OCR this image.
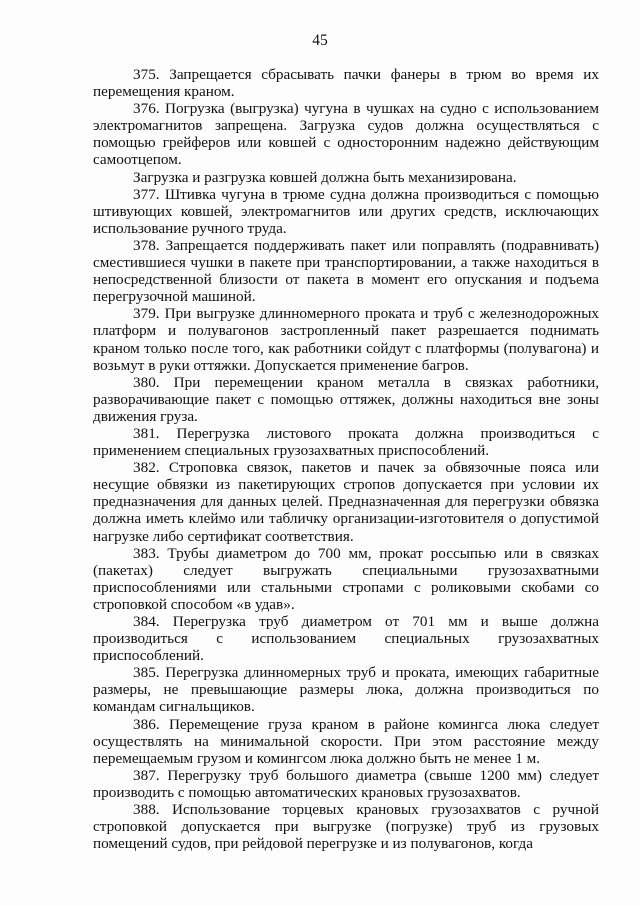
45

375. Запрещается сбрасывать пачки фанеры в трюм во время их перемещения краном.

376. Погрузка (выгрузка) чугуна в чушках на судно с использованием электромагнитов запрещена. Загрузка судов должна осуществляться с помощью грейферов или ковшей с односторонним надежно действующим самоотцепом.

Загрузка и разгрузка ковшей должна быть механизирована.

377. Штивка чугуна в трюме судна должна производиться с помощью штивующих ковшей, электромагнитов или других средств, исключающих использование ручного труда.

378. Запрещается поддерживать пакет или поправлять (подравнивать) сместившиеся чушки в пакете при транспортировании, а также находиться в непосредственной близости от пакета в момент его опускания и подъема перегрузочной машиной.

379. При выгрузке длинномерного проката и труб с железнодорожных платформ и полувагонов застропленный пакет разрешается поднимать краном только после того, как работники сойдут с платформы (полувагона) и возьмут в руки оттяжки. Допускается применение багров.

380. При перемещении краном металла в связках работники, разворачивающие пакет с помощью оттяжек, должны находиться вне зоны движения груза.

381. Перегрузка листового проката должна производиться с применением специальных грузозахватных приспособлений.

382. Строповка связок, пакетов и пачек за обвязочные пояса или несущие обвязки из пакетирующих стропов допускается при условии их предназначения для данных целей. Предназначенная для перегрузки обвязка должна иметь клеймо или табличку организации-изготовителя о допустимой нагрузке либо сертификат соответствия.

383. Трубы диаметром до 700 мм, прокат россыпью или в связках (пакетах) следует выгружать специальными грузозахватными приспособлениями или стальными стропами с роликовыми скобами со строповкой способом «в удав».

384. Перегрузка труб диаметром от 701 мм и выше должна производиться с использованием специальных грузозахватных приспособлений.

385. Перегрузка длинномерных труб и проката, имеющих габаритные размеры, не превышающие размеры люка, должна производиться по командам сигнальщиков.

386. Перемещение груза краном в районе комингса люка следует осуществлять на минимальной скорости. При этом расстояние между перемещаемым грузом и комингсом люка должно быть не менее 1 м.

387. Перегрузку труб большого диаметра (свыше 1200 мм) следует производить с помощью автоматических крановых грузозахватов.

388. Использование торцевых крановых грузозахватов с ручной строповкой допускается при выгрузке (погрузке) труб из грузовых помещений судов, при рейдовой перегрузке и из полувагонов, когда
